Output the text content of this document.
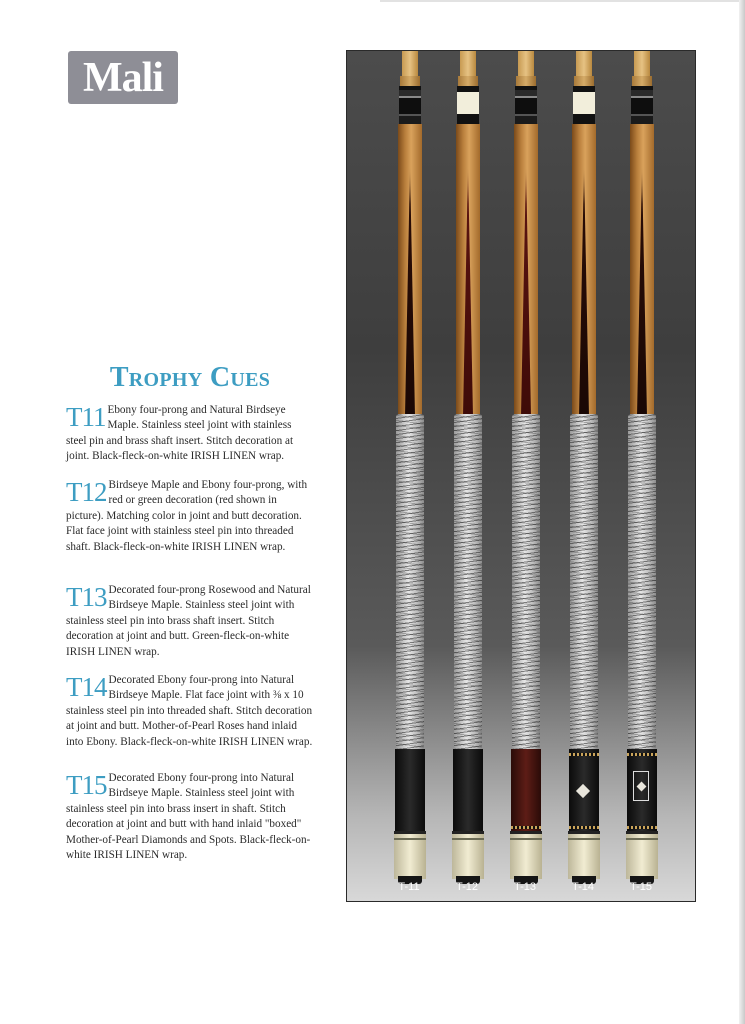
Mali
Trophy Cues
T11 Ebony four-prong and Natural Birdseye Maple. Stainless steel joint with stainless steel pin and brass shaft insert. Stitch decoration at joint. Black-fleck-on-white IRISH LINEN wrap.
T12 Birdseye Maple and Ebony four-prong, with red or green decoration (red shown in picture). Matching color in joint and butt decoration. Flat face joint with stainless steel pin into threaded shaft. Black-fleck-on-white IRISH LINEN wrap.
T13 Decorated four-prong Rosewood and Natural Birdseye Maple. Stainless steel joint with stainless steel pin into brass shaft insert. Stitch decoration at joint and butt. Green-fleck-on-white IRISH LINEN wrap.
T14 Decorated Ebony four-prong into Natural Birdseye Maple. Flat face joint with ⅜ x 10 stainless steel pin into threaded shaft. Stitch decoration at joint and butt. Mother-of-Pearl Roses hand inlaid into Ebony. Black-fleck-on-white IRISH LINEN wrap.
T15 Decorated Ebony four-prong into Natural Birdseye Maple. Stainless steel joint with stainless steel pin into brass insert in shaft. Stitch decoration at joint and butt with hand inlaid "boxed" Mother-of-Pearl Diamonds and Spots. Black-fleck-on-white IRISH LINEN wrap.
T-11	T-12	T-13	T-14	T-15
